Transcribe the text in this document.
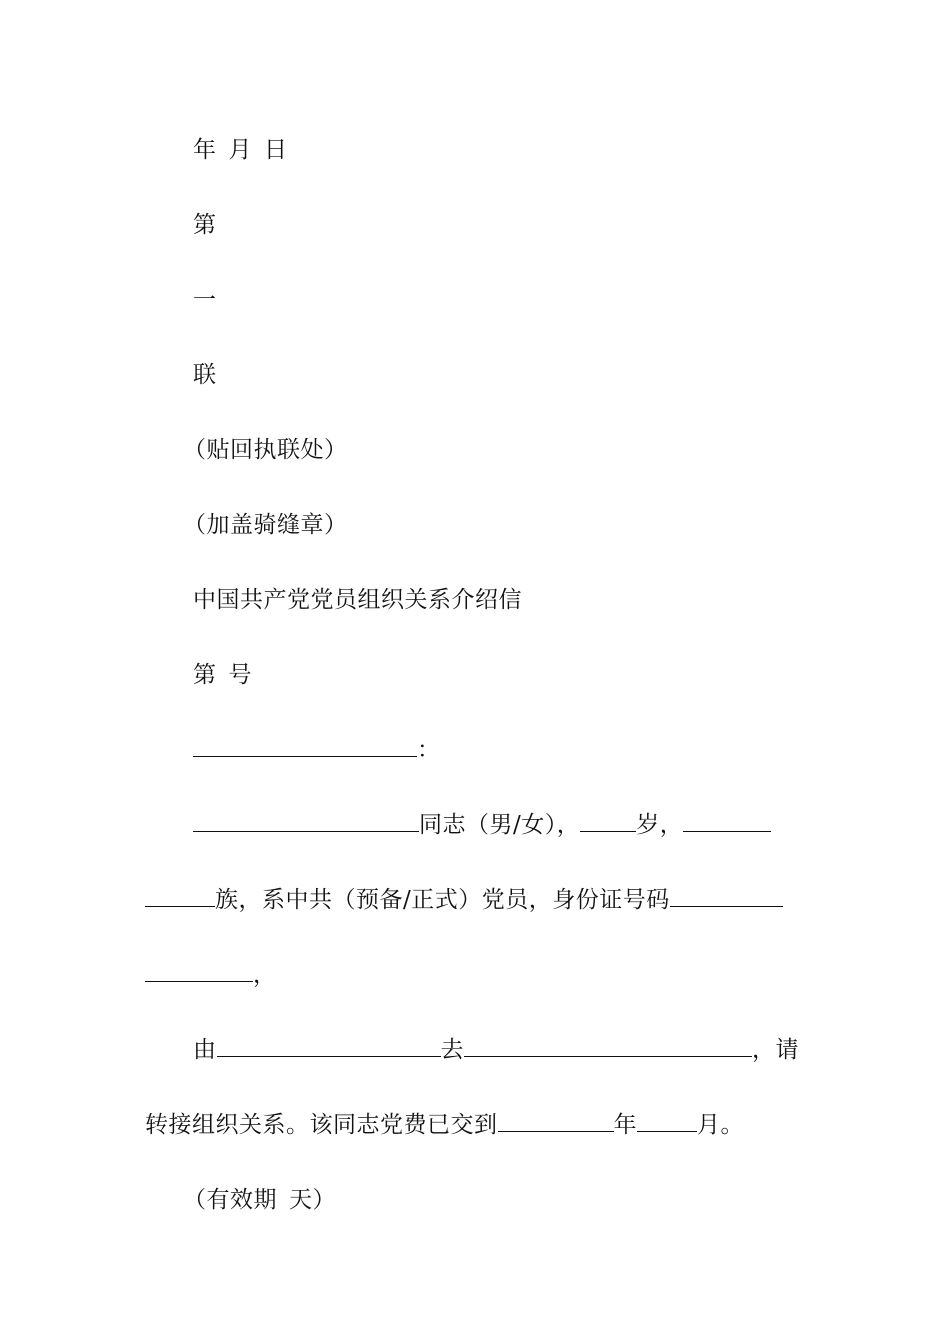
年 月 日
第
一
联
（贴回执联处）
（加盖骑缝章）
中国共产党党员组织关系介绍信
第 号
：
同志（男/女）， 岁，
族，系中共（预备/正式）党员，身份证号码
，
由	去	，请
转接组织关系。该同志党费已交到	年	月。
（有效期 天）
